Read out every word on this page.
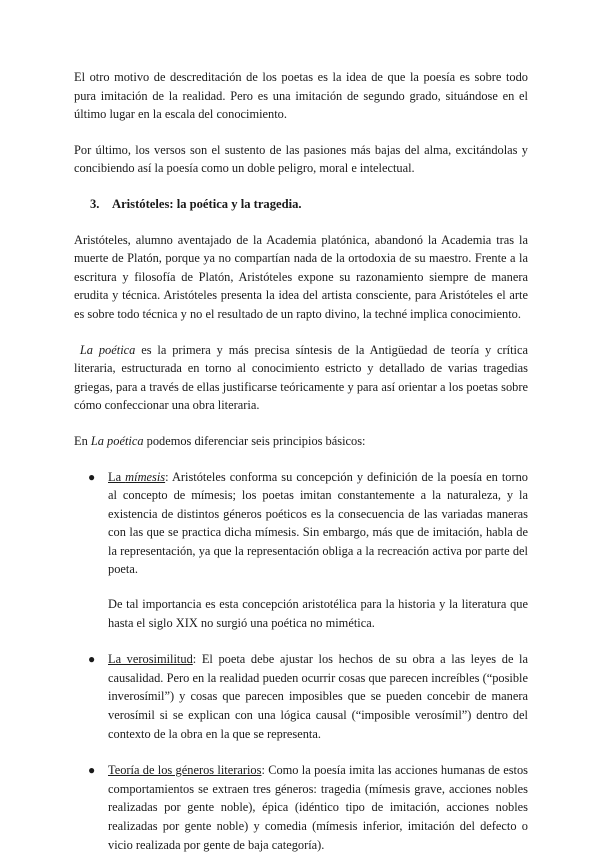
El otro motivo de descreditación de los poetas es la idea de que la poesía es sobre todo pura imitación de la realidad. Pero es una imitación de segundo grado, situándose en el último lugar en la escala del conocimiento.

Por último, los versos son el sustento de las pasiones más bajas del alma, excitándolas y concibiendo así la poesía como un doble peligro, moral e intelectual.

3. Aristóteles: la poética y la tragedia.

Aristóteles, alumno aventajado de la Academia platónica, abandonó la Academia tras la muerte de Platón, porque ya no compartían nada de la ortodoxia de su maestro. Frente a la escritura y filosofía de Platón, Aristóteles expone su razonamiento siempre de manera erudita y técnica. Aristóteles presenta la idea del artista consciente, para Aristóteles el arte es sobre todo técnica y no el resultado de un rapto divino, la techné implica conocimiento.

La poética es la primera y más precisa síntesis de la Antigüedad de teoría y crítica literaria, estructurada en torno al conocimiento estricto y detallado de varias tragedias griegas, para a través de ellas justificarse teóricamente y para así orientar a los poetas sobre cómo confeccionar una obra literaria.

En La poética podemos diferenciar seis principios básicos:

● La mímesis: Aristóteles conforma su concepción y definición de la poesía en torno al concepto de mímesis; los poetas imitan constantemente a la naturaleza, y la existencia de distintos géneros poéticos es la consecuencia de las variadas maneras con las que se practica dicha mímesis. Sin embargo, más que de imitación, habla de la representación, ya que la representación obliga a la recreación activa por parte del poeta.

De tal importancia es esta concepción aristotélica para la historia y la literatura que hasta el siglo XIX no surgió una poética no mimética.

● La verosimilitud: El poeta debe ajustar los hechos de su obra a las leyes de la causalidad. Pero en la realidad pueden ocurrir cosas que parecen increíbles (“posible inverosímil”) y cosas que parecen imposibles que se pueden concebir de manera verosímil si se explican con una lógica causal (“imposible verosímil”) dentro del contexto de la obra en la que se representa.

● Teoría de los géneros literarios: Como la poesía imita las acciones humanas de estos comportamientos se extraen tres géneros: tragedia (mímesis grave, acciones nobles realizadas por gente noble), épica (idéntico tipo de imitación, acciones nobles realizadas por gente noble) y comedia (mímesis inferior, imitación del defecto o vicio realizada por gente de baja categoría).
